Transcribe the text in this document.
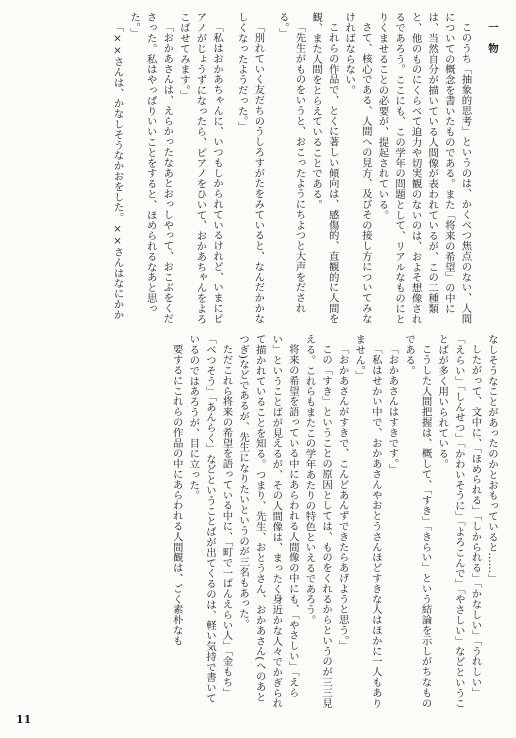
一　物

このうち「抽象的思考」というのは、かくべつ焦点のない、人間についての概念を書いたものである。また「将来の希望」の中には、当然自分が描いている人間像が表われているが、この二種類と、他のものにくらべて迫力や切実観のないのは、およそ想像されるであろう。ここにも、この学年の問題として、リアルなものにとりくませることの必要が、提起されている。

さて、核心である、人間への見方、及びその接し方についてみなければならない。

これらの作品で、とくに著しい傾向は、感傷的、直観的に人間を観、また人間をとらえていることである。

「先生がものをいうと、おこったようにちよつと大声をだされる。」

「別れていく友だちのうしろすがたをみていると、なんだかかなしくなったようだった。」

「私はおかあちゃんに、いつもしかられているけれど、いまにピアノがじょうずになったら、ピアノをひいて、おかあちゃんをよろこばせてみます。」

「おかあさんは、えらかったなあとおっしやって、おこぶをくださった。私はやっぱりいいことをすると、ほめられるなあと思った。」

「××さんは、かなしそうなかおをした。××さんはなにかか

なしそうなことがあったのかとおもっていると……」

したがって、文中に、「ほめられる」「しかられる」「かなしい」「うれしい」「えらい」「しんせつ」「かわいそうに」「よろこんで」「やさしい」などということばが多く用いられている。

こうした人間把握は、概して、「すき」「きらい」という結論を示しがちなものである。

「おかあさんはすきです。」

「私はせかい中で、おかあさんやおとうさんほどすきな人はほかに一人もありません。」

「おかあさんがすきで、こんどあんずできたらあげようと思う。」

この「すき」ということの原因としては、ものをくれるからというのが三三見える。これらもまたこの学年あたりの特色といえるであろう。

将来の希望を語っている中にあらわれる人間像の中にも、「やさしい」「えらい」ということばが見えるが、その人間像は、まったく身近かな人々でかぎられて描かれていることを知る。つまり、先生、おとうさん、おかあさん(へのあとつぎ)などであるが、先生になりたいというのが三名もあった。

ただこれら将来の希望を語っている中に、「町で一ばんえらい人」「金もち」「べつそう」「あんらく」などということばが出てくるのは、軽い気持で書いているのではあろうが、目に立った。

要するにこれらの作品の中にあらわれる人間観は、ごく素朴なも

11
